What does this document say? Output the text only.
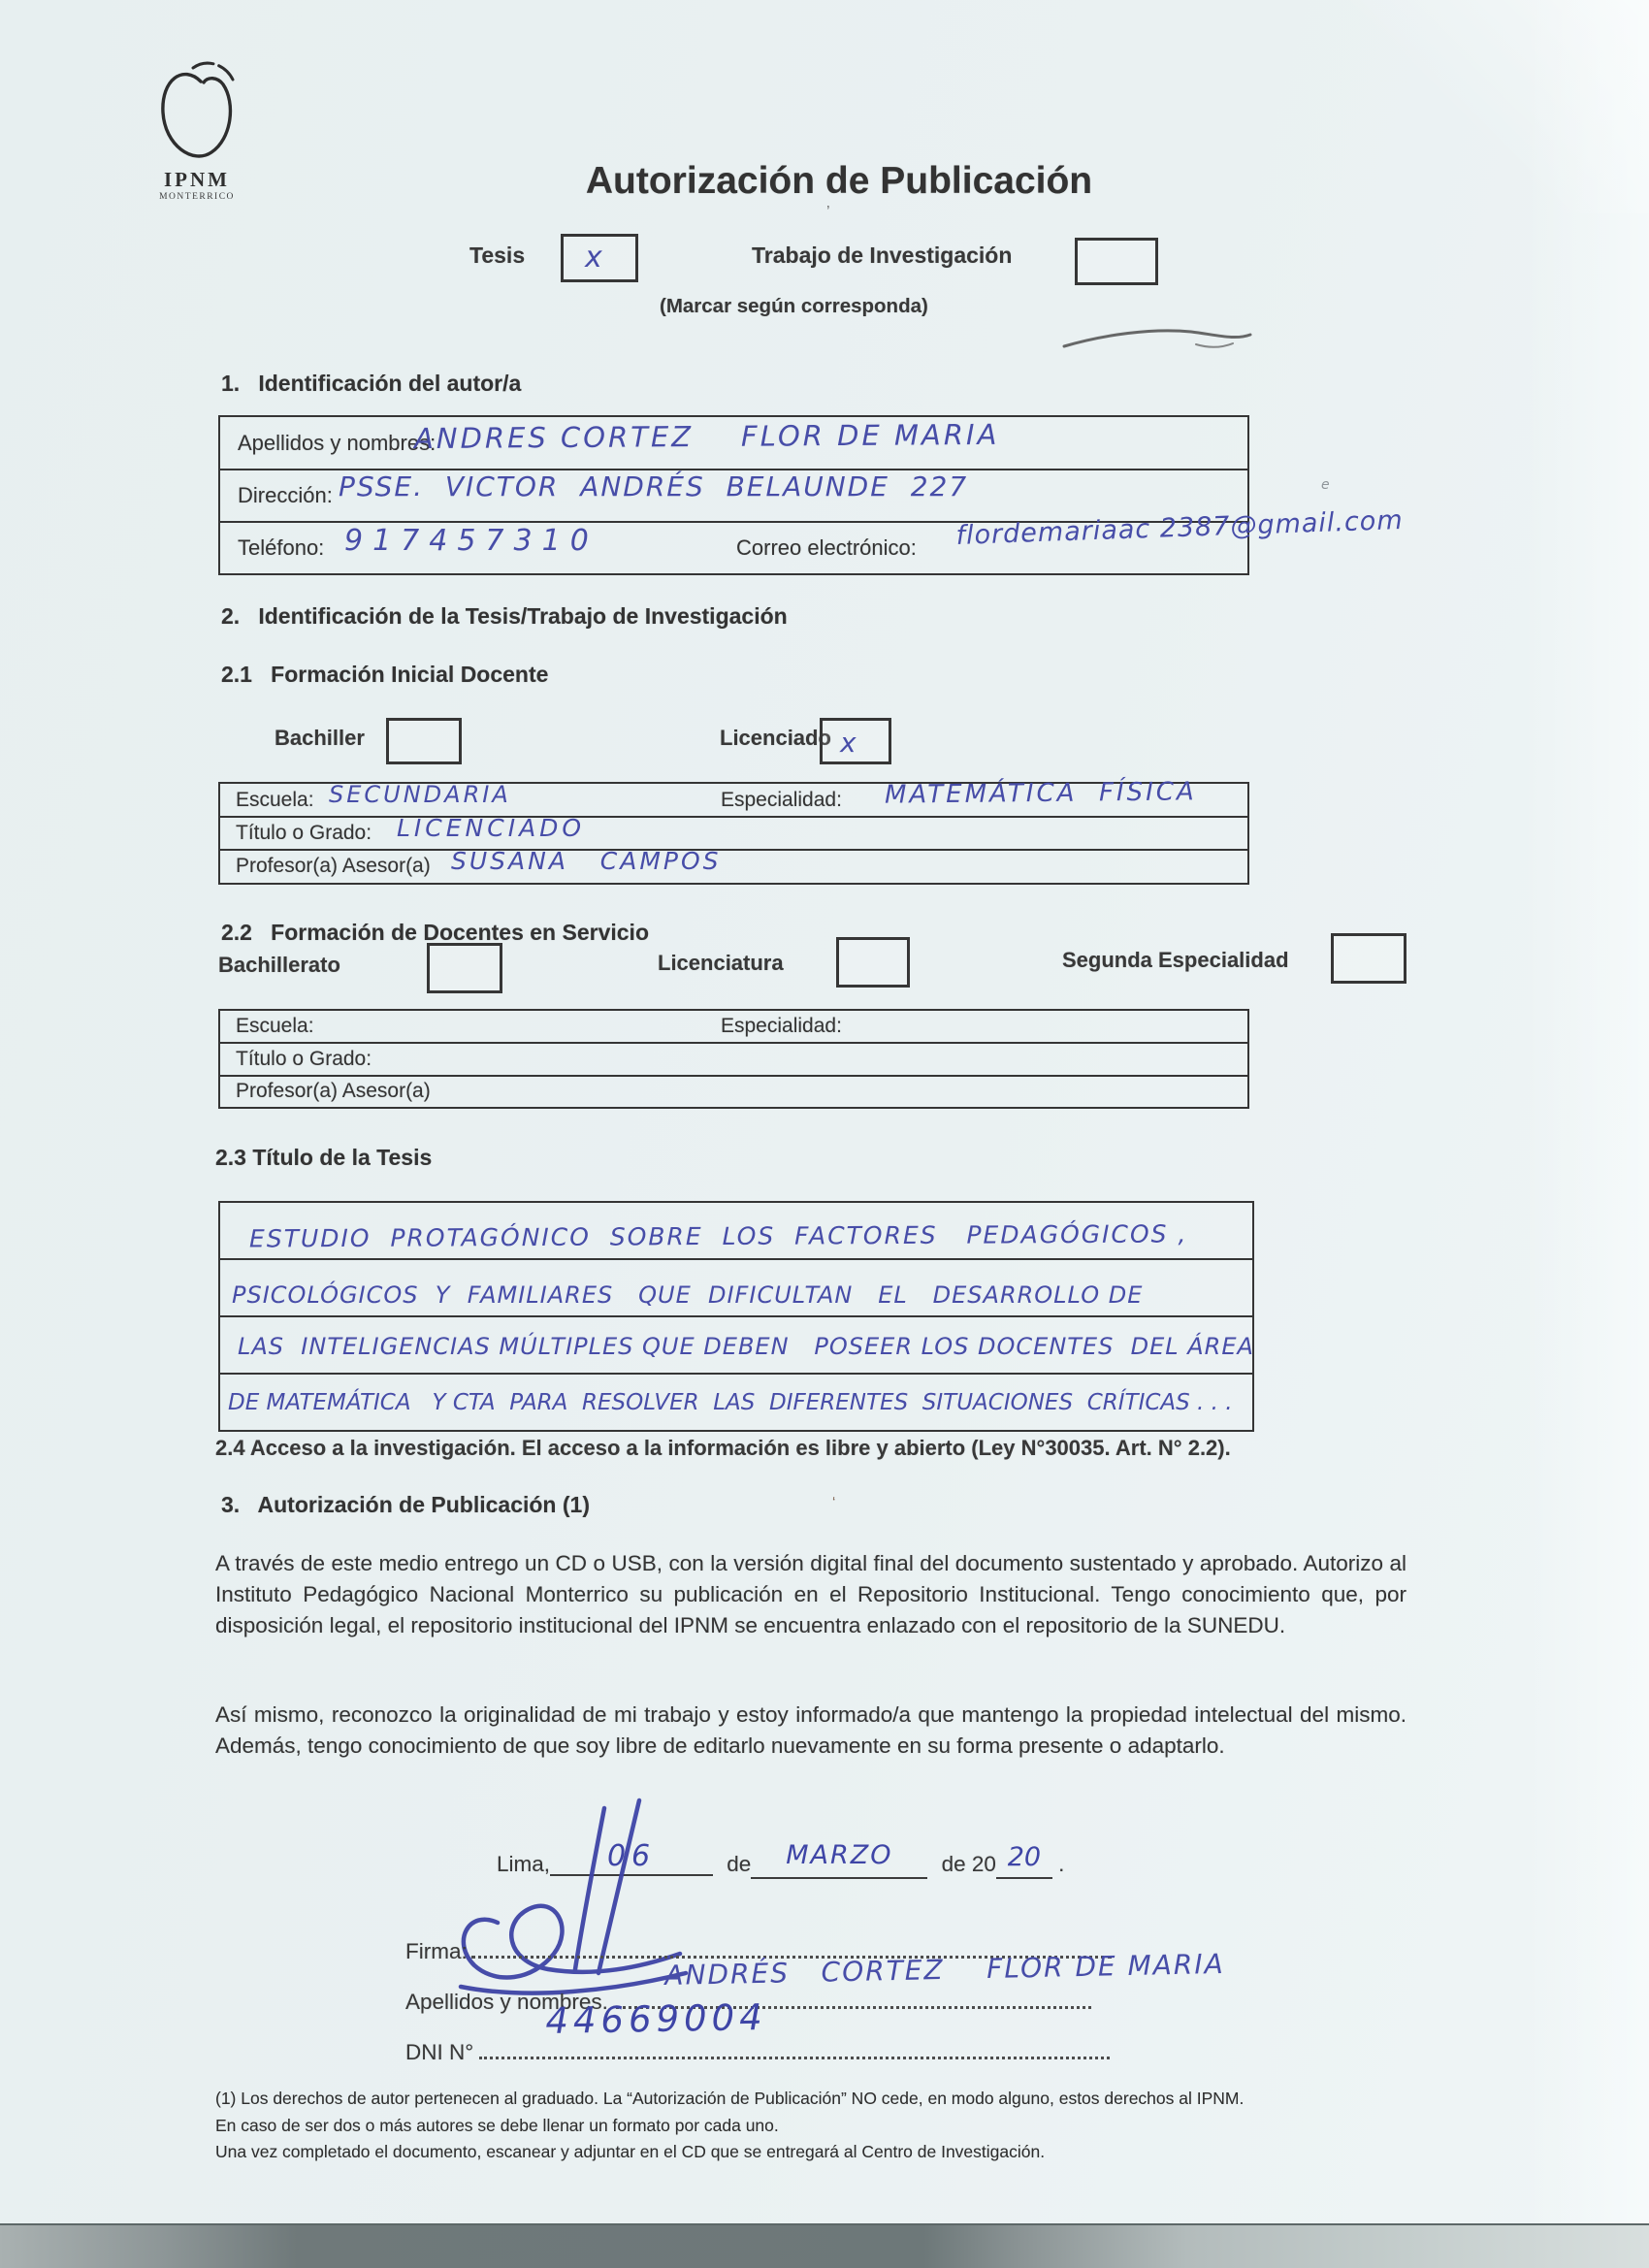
IPNM
MONTERRICO	Autorización de Publicación
’
Tesis x	Trabajo de Investigación
(Marcar según corresponda)
1.   Identificación del autor/a
Apellidos y nombres:
ANDRES CORTEZ    FLOR DE MARIA
Dirección: PSSE.  VICTOR  ANDRÉS  BELAUNDE  227
Teléfono: 917457310	Correo electrónico: flordemariaac 2387@gmail.com
e
2.   Identificación de la Tesis/Trabajo de Investigación
2.1   Formación Inicial Docente
Bachiller	Licenciado x
Escuela: SECUNDARIA	Especialidad: MATEMÁTICA  FÍSICA
Título o Grado: LICENCIADO
Profesor(a) Asesor(a) SUSANA   CAMPOS
2.2   Formación de Docentes en Servicio
Bachillerato	Licenciatura	Segunda Especialidad
Escuela:	Especialidad:
Título o Grado:
Profesor(a) Asesor(a)
2.3 Título de la Tesis
ESTUDIO  PROTAGÓNICO  SOBRE  LOS  FACTORES   PEDAGÓGICOS ,
PSICOLÓGICOS  Y  FAMILIARES   QUE  DIFICULTAN   EL   DESARROLLO DE
LAS  INTELIGENCIAS MÚLTIPLES QUE DEBEN   POSEER LOS DOCENTES  DEL ÁREA
DE MATEMÁTICA   Y CTA  PARA  RESOLVER  LAS  DIFERENTES  SITUACIONES  CRÍTICAS . . .
2.4 Acceso a la investigación. El acceso a la información es libre y abierto (Ley N°30035. Art. N° 2.2).
3.   Autorización de Publicación (1)	‘
A través de este medio entrego un CD o USB, con la versión digital final del documento sustentado y aprobado. Autorizo al Instituto Pedagógico Nacional Monterrico su publicación en el Repositorio Institucional. Tengo conocimiento que, por disposición legal, el repositorio institucional del IPNM se encuentra enlazado con el repositorio de la SUNEDU.
Así mismo, reconozco la originalidad de mi trabajo y estoy informado/a que mantengo la propiedad intelectual del mismo. Además, tengo conocimiento de que soy libre de editarlo nuevamente en su forma presente o adaptarlo.
Lima, 06	de MARZO de 20 20 .
Firma:
Apellidos y nombres.
ANDRÉS   CORTEZ    FLOR DE MARIA
DNI N°
44669004
(1) Los derechos de autor pertenecen al graduado. La “Autorización de Publicación” NO cede, en modo alguno, estos derechos al IPNM.
En caso de ser dos o más autores se debe llenar un formato por cada uno.
Una vez completado el documento, escanear y adjuntar en el CD que se entregará al Centro de Investigación.
